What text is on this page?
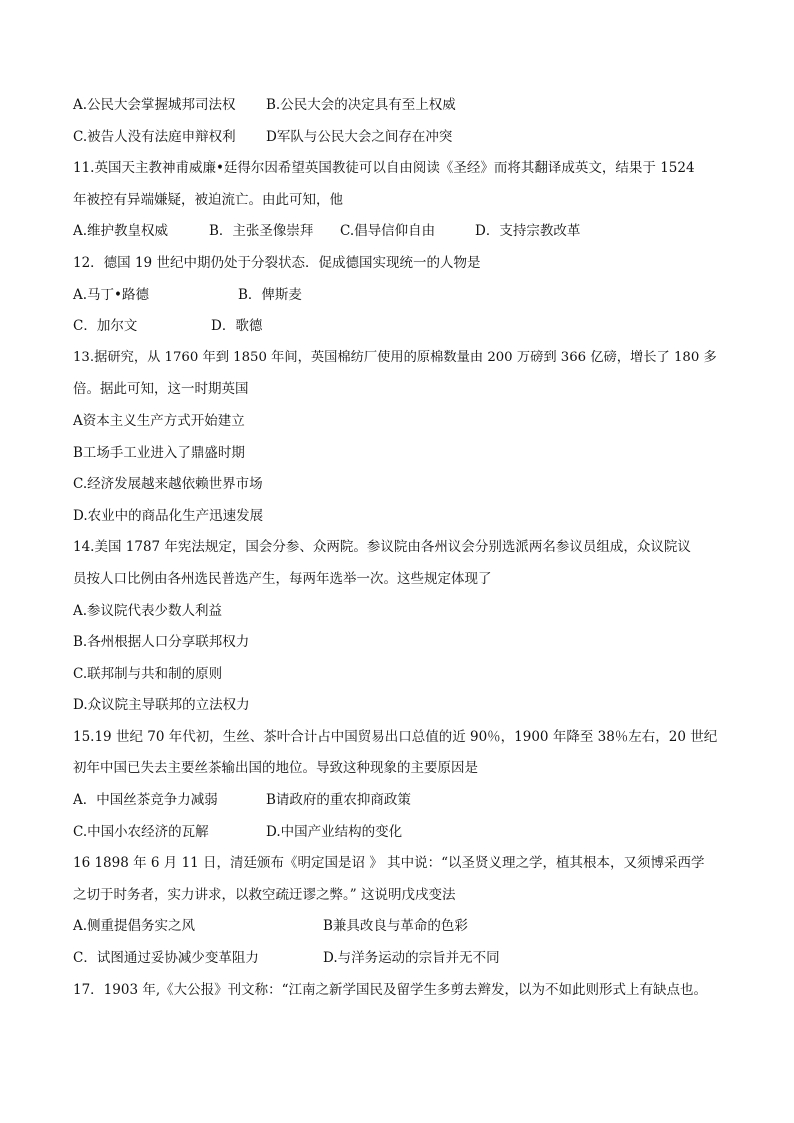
A.公民大会掌握城邦司法权	B.公民大会的决定具有至上权威
C.被告人没有法庭申辩权利	D军队与公民大会之间存在冲突
11.英国天主教神甫威廉•廷得尔因希望英国教徒可以自由阅读《圣经》而将其翻译成英文，结果于 1524
年被控有异端嫌疑，被迫流亡。由此可知，他
A.维护教皇权威	B．主张圣像崇拜	C.倡导信仰自由	D．支持宗教改革
12．德国 19 世纪中期仍处于分裂状态．促成德国实现统一的人物是
A.马丁•路德	B．俾斯麦
C．加尔文	D．歌德
13.据研究，从 1760 年到 1850 年间，英国棉纺厂使用的原棉数量由 200 万磅到 366 亿磅，增长了 180 多
倍。据此可知，这一时期英国
A资本主义生产方式开始建立
B工场手工业进入了鼎盛时期
C.经济发展越来越依赖世界市场
D.农业中的商品化生产迅速发展
14.美国 1787 年宪法规定，国会分参、众两院。参议院由各州议会分别选派两名参议员组成，众议院议
员按人口比例由各州选民普选产生，每两年选举一次。这些规定体现了
A.参议院代表少数人利益
B.各州根据人口分享联邦权力
C.联邦制与共和制的原则
D.众议院主导联邦的立法权力
15.19 世纪 70 年代初，生丝、茶叶合计占中国贸易出口总值的近 90％，1900 年降至 38％左右，20 世纪
初年中国已失去主要丝茶输出国的地位。导致这种现象的主要原因是
A．中国丝茶竞争力减弱	B请政府的重农抑商政策
C.中国小农经济的瓦解	D.中国产业结构的变化
16 1898 年 6 月 11 日，清廷颁布《明定国是诏 》 其中说：“以圣贤义理之学，植其根本，又须博采西学
之切于时务者，实力讲求，以救空疏迂谬之弊。” 这说明戊戌变法
A.侧重提倡务实之风	B兼具改良与革命的色彩
C．试图通过妥协减少变革阻力	D.与洋务运动的宗旨并无不同
17．1903 年,《大公报》刊文称：“江南之新学国民及留学生多剪去辫发，以为不如此则形式上有缺点也。
